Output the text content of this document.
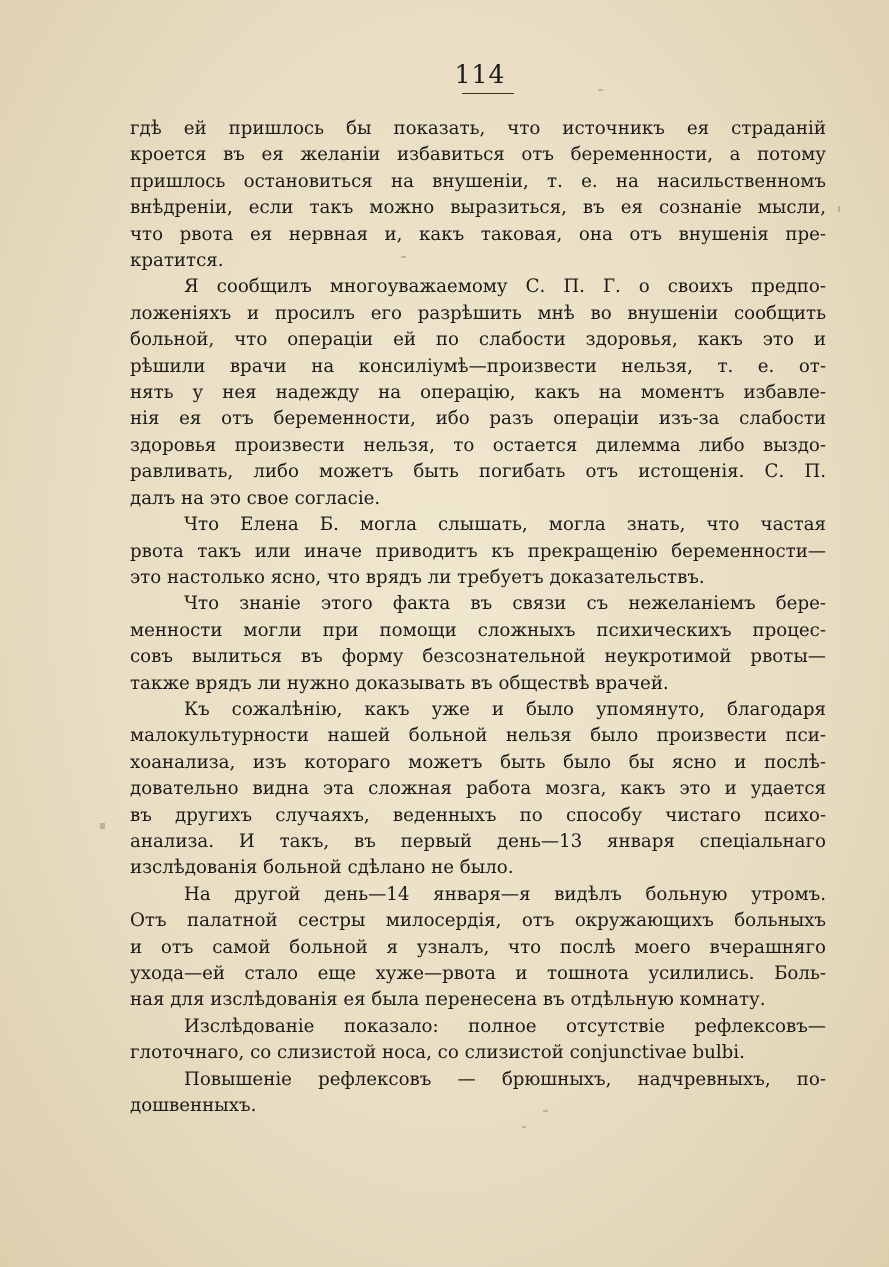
114
гдѣ ей пришлось бы показать, что источникъ ея страданій
кроется въ ея желаніи избавиться отъ беременности, а потому
пришлось остановиться на внушеніи, т. е. на насильственномъ
внѣдреніи, если такъ можно выразиться, въ ея сознаніе мысли,
что рвота ея нервная и, какъ таковая, она отъ внушенія пре-
кратится.
Я сообщилъ многоуважаемому С. П. Г. о своихъ предпо-
ложеніяхъ и просилъ его разрѣшить мнѣ во внушеніи сообщить
больной, что операціи ей по слабости здоровья, какъ это и
рѣшили врачи на консиліумѣ—произвести нельзя, т. е. от-
нять у нея надежду на операцію, какъ на моментъ избавле-
нія ея отъ беременности, ибо разъ операціи изъ-за слабости
здоровья произвести нельзя, то остается дилемма либо выздо-
равливать, либо можетъ быть погибать отъ истощенія. С. П.
далъ на это свое согласіе.
Что Елена Б. могла слышать, могла знать, что частая
рвота такъ или иначе приводитъ къ прекращенію беременности—
это настолько ясно, что врядъ ли требуетъ доказательствъ.
Что знаніе этого факта въ связи съ нежеланіемъ бере-
менности могли при помощи сложныхъ психическихъ процес-
совъ вылиться въ форму безсознательной неукротимой рвоты—
также врядъ ли нужно доказывать въ обществѣ врачей.
Къ сожалѣнію, какъ уже и было упомянуто, благодаря
малокультурности нашей больной нельзя было произвести пси-
хоанализа, изъ котораго можетъ быть было бы ясно и послѣ-
довательно видна эта сложная работа мозга, какъ это и удается
въ другихъ случаяхъ, веденныхъ по способу чистаго психо-
анализа. И такъ, въ первый день—13 января спеціальнаго
изслѣдованія больной сдѣлано не было.
На другой день—14 января—я видѣлъ больную утромъ.
Отъ палатной сестры милосердія, отъ окружающихъ больныхъ
и отъ самой больной я узналъ, что послѣ моего вчерашняго
ухода—ей стало еще хуже—рвота и тошнота усилились. Боль-
ная для изслѣдованія ея была перенесена въ отдѣльную комнату.
Изслѣдованіе показало: полное отсутствіе рефлексовъ—
глоточнаго, со слизистой носа, со слизистой conjunctivae bulbi.
Повышеніе рефлексовъ — брюшныхъ, надчревныхъ, по-
дошвенныхъ.
